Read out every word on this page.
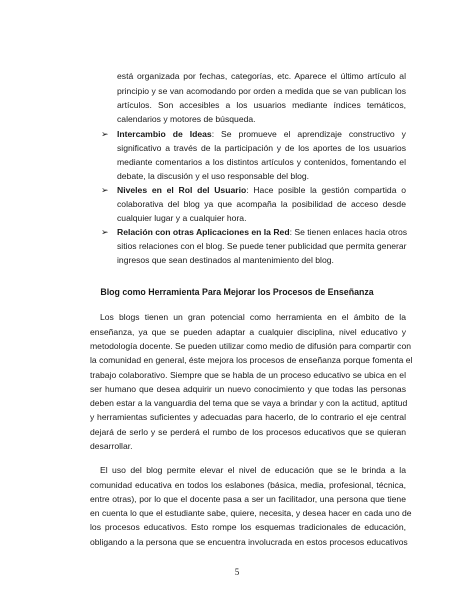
está organizada por fechas, categorías, etc. Aparece el último artículo al
principio y se van acomodando por orden a medida que se van publican los
artículos. Son accesibles a los usuarios mediante índices temáticos,
calendarios y motores de búsqueda.
➢ Intercambio de Ideas: Se promueve el aprendizaje constructivo y
significativo a través de la participación y de los aportes de los usuarios
mediante comentarios a los distintos artículos y contenidos, fomentando el
debate, la discusión y el uso responsable del blog.
➢ Niveles en el Rol del Usuario: Hace posible la gestión compartida o
colaborativa del blog ya que acompaña la posibilidad de acceso desde
cualquier lugar y a cualquier hora.
➢ Relación con otras Aplicaciones en la Red: Se tienen enlaces hacia otros
sitios relaciones con el blog. Se puede tener publicidad que permita generar
ingresos que sean destinados al mantenimiento del blog.
Blog como Herramienta Para Mejorar los Procesos de Enseñanza
Los blogs tienen un gran potencial como herramienta en el ámbito de la
enseñanza, ya que se pueden adaptar a cualquier disciplina, nivel educativo y
metodología docente. Se pueden utilizar como medio de difusión para compartir con
la comunidad en general, éste mejora los procesos de enseñanza porque fomenta el
trabajo colaborativo. Siempre que se habla de un proceso educativo se ubica en el
ser humano que desea adquirir un nuevo conocimiento y que todas las personas
deben estar a la vanguardia del tema que se vaya a brindar y con la actitud, aptitud
y herramientas suficientes y adecuadas para hacerlo, de lo contrario el eje central
dejará de serlo y se perderá el rumbo de los procesos educativos que se quieran
desarrollar.
El uso del blog permite elevar el nivel de educación que se le brinda a la
comunidad educativa en todos los eslabones (básica, media, profesional, técnica,
entre otras), por lo que el docente pasa a ser un facilitador, una persona que tiene
en cuenta lo que el estudiante sabe, quiere, necesita, y desea hacer en cada uno de
los procesos educativos. Esto rompe los esquemas tradicionales de educación,
obligando a la persona que se encuentra involucrada en estos procesos educativos
5
